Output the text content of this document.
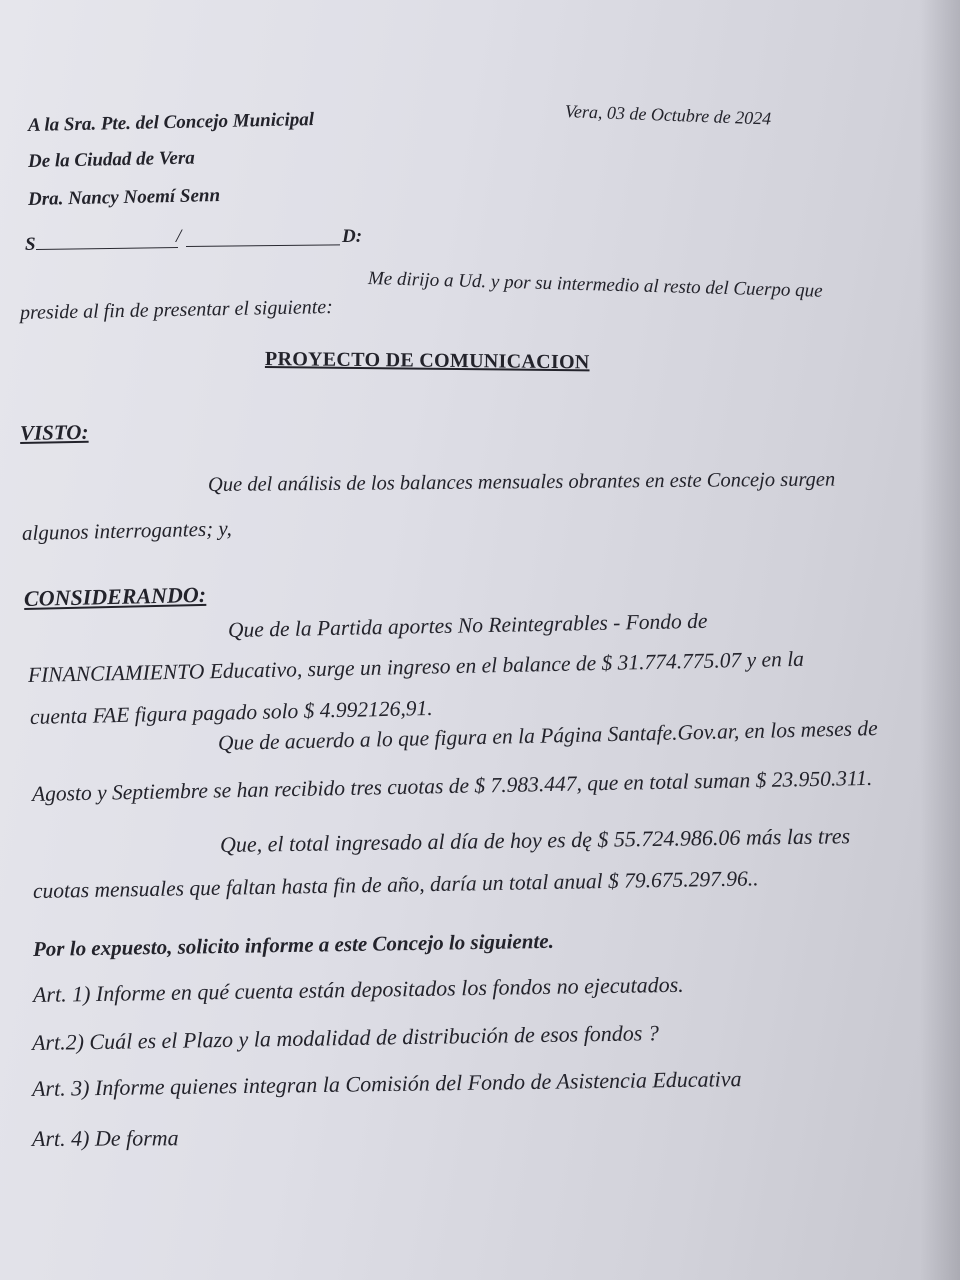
Vera, 03 de Octubre de 2024
A la Sra. Pte. del Concejo Municipal
De la Ciudad de Vera
Dra. Nancy Noemí Senn
S	/	D:
Me dirijo a Ud. y por su intermedio al resto del Cuerpo que
preside al fin de presentar el siguiente:
PROYECTO DE COMUNICACION
VISTO:
Que del análisis de los balances mensuales obrantes en este Concejo surgen
algunos interrogantes; y,
CONSIDERANDO:
Que de la Partida aportes No Reintegrables - Fondo de
FINANCIAMIENTO Educativo, surge un ingreso en el balance de $ 31.774.775.07 y en la
cuenta FAE figura pagado solo $ 4.992126,91.
Que de acuerdo a lo que figura en la Página Santafe.Gov.ar, en los meses de
Agosto y Septiembre se han recibido tres cuotas de $ 7.983.447, que en total suman $ 23.950.311.
Que, el total ingresado al día de hoy es dę $ 55.724.986.06 más las tres
cuotas mensuales que faltan hasta fin de año, daría un total anual $ 79.675.297.96..
Por lo expuesto, solicito informe a este Concejo lo siguiente.
Art. 1) Informe en qué cuenta están depositados los fondos no ejecutados.
Art.2) Cuál es el Plazo y la modalidad de distribución de esos fondos ?
Art. 3) Informe quienes integran la Comisión del Fondo de Asistencia Educativa
Art. 4) De forma
